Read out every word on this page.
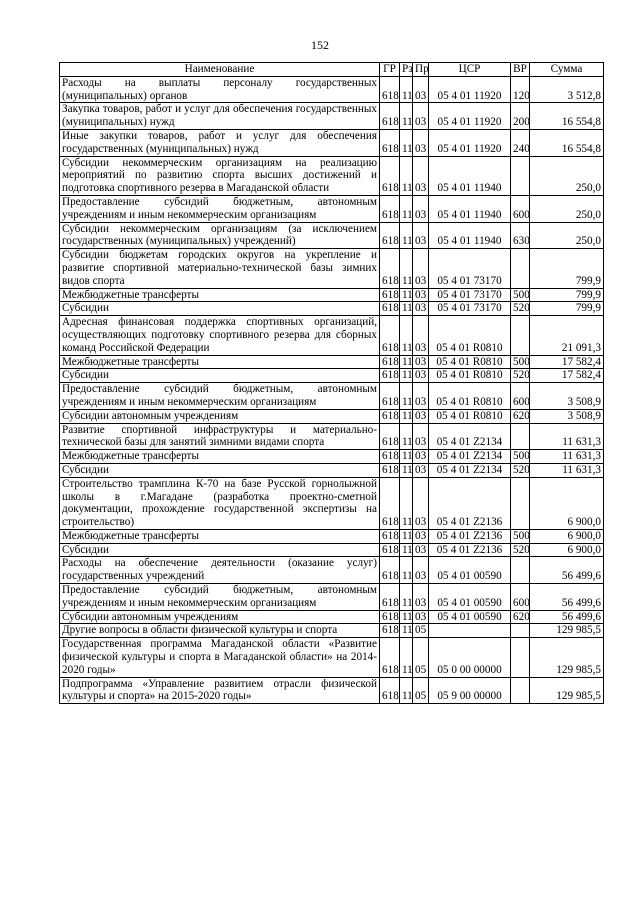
152
Наименование	ГР	Рз	Пр	ЦСР	ВР	Сумма
Расходы на выплаты персоналу государственных (муниципальных) органов	618	11	03	05 4 01 11920	120	3 512,8
Закупка товаров, работ и услуг для обеспечения государственных (муниципальных) нужд	618	11	03	05 4 01 11920	200	16 554,8
Иные закупки товаров, работ и услуг для обеспечения государственных (муниципальных) нужд	618	11	03	05 4 01 11920	240	16 554,8
Субсидии некоммерческим организациям на реализацию мероприятий по развитию спорта высших достижений и подготовка спортивного резерва в Магаданской области	618	11	03	05 4 01 11940		250,0
Предоставление субсидий бюджетным, автономным учреждениям и иным некоммерческим организациям	618	11	03	05 4 01 11940	600	250,0
Субсидии некоммерческим организациям (за исключением государственных (муниципальных) учреждений)	618	11	03	05 4 01 11940	630	250,0
Субсидии бюджетам городских округов на укрепление и развитие спортивной материально-технической базы зимних видов спорта	618	11	03	05 4 01 73170		799,9
Межбюджетные трансферты	618	11	03	05 4 01 73170	500	799,9
Субсидии	618	11	03	05 4 01 73170	520	799,9
Адресная финансовая поддержка спортивных организаций, осуществляющих подготовку спортивного резерва для сборных команд Российской Федерации	618	11	03	05 4 01 R0810		21 091,3
Межбюджетные трансферты	618	11	03	05 4 01 R0810	500	17 582,4
Субсидии	618	11	03	05 4 01 R0810	520	17 582,4
Предоставление субсидий бюджетным, автономным учреждениям и иным некоммерческим организациям	618	11	03	05 4 01 R0810	600	3 508,9
Субсидии автономным учреждениям	618	11	03	05 4 01 R0810	620	3 508,9
Развитие спортивной инфраструктуры и материально-технической базы для занятий зимними видами спорта	618	11	03	05 4 01 Z2134		11 631,3
Межбюджетные трансферты	618	11	03	05 4 01 Z2134	500	11 631,3
Субсидии	618	11	03	05 4 01 Z2134	520	11 631,3
Строительство трамплина К-70 на базе Русской горнолыжной школы в г.Магадане (разработка проектно-сметной документации, прохождение государственной экспертизы на строительство)	618	11	03	05 4 01 Z2136		6 900,0
Межбюджетные трансферты	618	11	03	05 4 01 Z2136	500	6 900,0
Субсидии	618	11	03	05 4 01 Z2136	520	6 900,0
Расходы на обеспечение деятельности (оказание услуг) государственных учреждений	618	11	03	05 4 01 00590		56 499,6
Предоставление субсидий бюджетным, автономным учреждениям и иным некоммерческим организациям	618	11	03	05 4 01 00590	600	56 499,6
Субсидии автономным учреждениям	618	11	03	05 4 01 00590	620	56 499,6
Другие вопросы в области физической культуры и спорта	618	11	05			129 985,5
Государственная программа Магаданской области «Развитие физической культуры и спорта в Магаданской области» на 2014-2020 годы»	618	11	05	05 0 00 00000		129 985,5
Подпрограмма «Управление развитием отрасли физической культуры и спорта» на 2015-2020 годы»	618	11	05	05 9 00 00000		129 985,5
